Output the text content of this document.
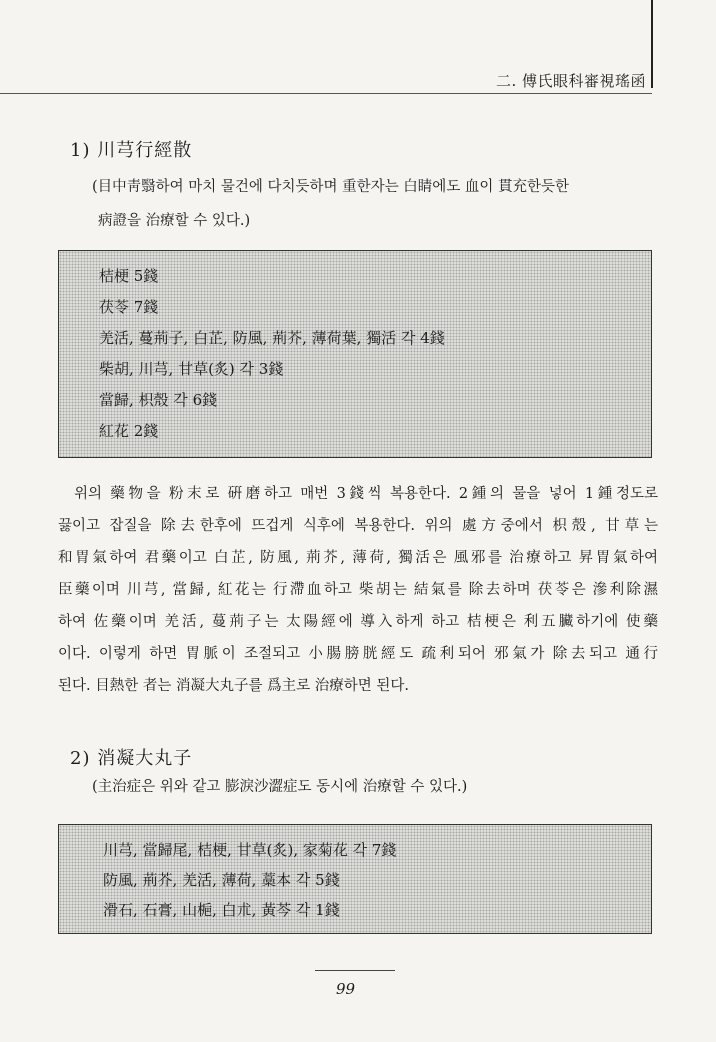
二. 傅氏眼科審視瑤函
1) 川芎行經散
(目中靑翳하여 마치 물건에 다치듯하며 重한자는 白睛에도 血이 貫充한듯한
病證을 治療할 수 있다.)
桔梗 5錢
茯苓 7錢
羌活, 蔓荊子, 白芷, 防風, 荊芥, 薄荷葉, 獨活 각 4錢
柴胡, 川芎, 甘草(炙) 각 3錢
當歸, 枳殼 각 6錢
紅花 2錢
위의 藥物을 粉末로 硏磨하고 매번 3錢씩 복용한다. 2鍾의 물을 넣어 1鍾정도로
끓이고 잡질을 除去한후에 뜨겁게 식후에 복용한다. 위의 處方중에서 枳殼, 甘草는
和胃氣하여 君藥이고 白芷, 防風, 荊芥, 薄荷, 獨活은 風邪를 治療하고 昇胃氣하여
臣藥이며 川芎, 當歸, 紅花는 行滯血하고 柴胡는 結氣를 除去하며 茯苓은 滲利除濕
하여 佐藥이며 羌活, 蔓荊子는 太陽經에 導入하게 하고 桔梗은 利五臟하기에 使藥
이다. 이렇게 하면 胃脈이 조절되고 小腸膀胱經도 疏利되어 邪氣가 除去되고 通行
된다. 目熱한 者는 消凝大丸子를 爲主로 治療하면 된다.
2) 消凝大丸子
(主治症은 위와 같고 膨淚沙澀症도 동시에 治療할 수 있다.)
川芎, 當歸尾, 桔梗, 甘草(炙), 家菊花 각 7錢
防風, 荊芥, 羌活, 薄荷, 藁本 각 5錢
滑石, 石膏, 山梔, 白朮, 黃芩 각 1錢
99
